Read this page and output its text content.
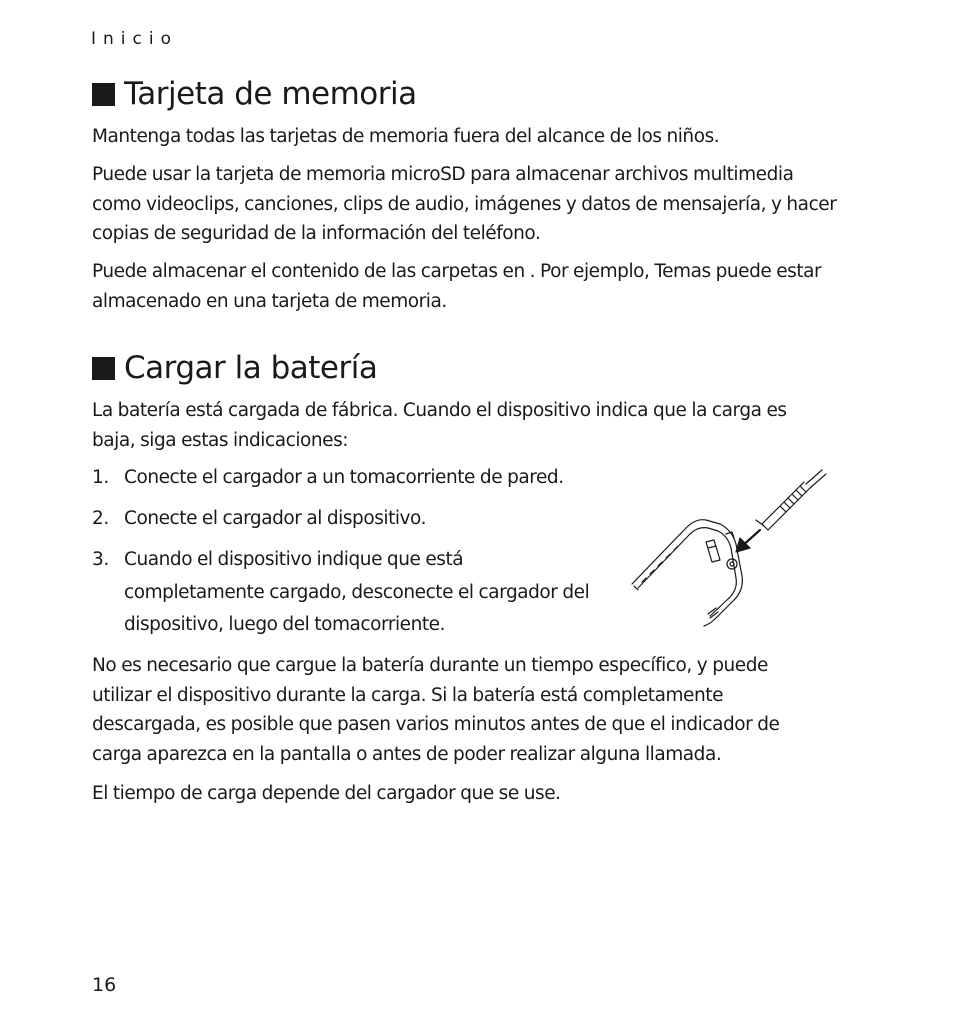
Inicio
Tarjeta de memoria

Mantenga todas las tarjetas de memoria fuera del alcance de los niños.

Puede usar la tarjeta de memoria microSD para almacenar archivos multimedia
como videoclips, canciones, clips de audio, imágenes y datos de mensajería, y hacer
copias de seguridad de la información del teléfono.

Puede almacenar el contenido de las carpetas en . Por ejemplo, Temas puede estar
almacenado en una tarjeta de memoria.

Cargar la batería

La batería está cargada de fábrica. Cuando el dispositivo indica que la carga es
baja, siga estas indicaciones:

1. Conecte el cargador a un tomacorriente de pared.
2. Conecte el cargador al dispositivo.
3. Cuando el dispositivo indique que está
completamente cargado, desconecte el cargador del
dispositivo, luego del tomacorriente.

No es necesario que cargue la batería durante un tiempo específico, y puede
utilizar el dispositivo durante la carga. Si la batería está completamente
descargada, es posible que pasen varios minutos antes de que el indicador de
carga aparezca en la pantalla o antes de poder realizar alguna llamada.

El tiempo de carga depende del cargador que se use.

16
